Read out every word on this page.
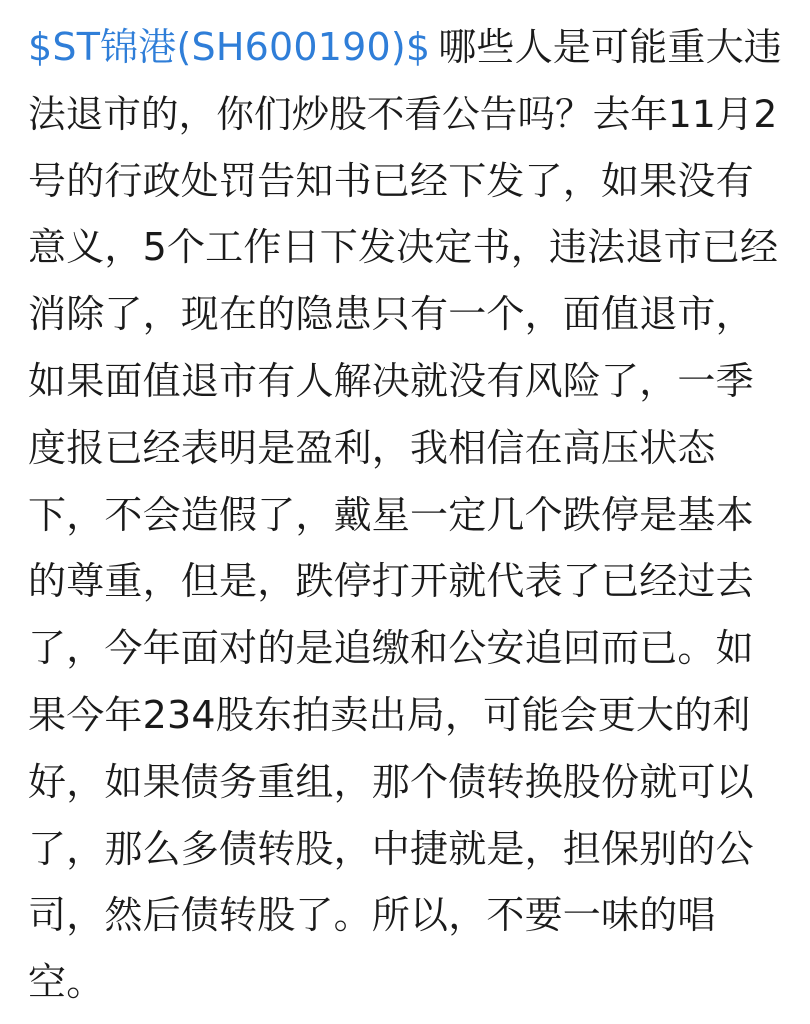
$ST锦港(SH600190)$ 哪些人是可能重大违
法退市的，你们炒股不看公告吗？去年11月2
号的行政处罚告知书已经下发了，如果没有
意义，5个工作日下发决定书，违法退市已经
消除了，现在的隐患只有一个，面值退市，
如果面值退市有人解决就没有风险了，一季
度报已经表明是盈利，我相信在高压状态
下，不会造假了，戴星一定几个跌停是基本
的尊重，但是，跌停打开就代表了已经过去
了，今年面对的是追缴和公安追回而已。如
果今年234股东拍卖出局，可能会更大的利
好，如果债务重组，那个债转换股份就可以
了，那么多债转股，中捷就是，担保别的公
司，然后债转股了。所以，不要一味的唱
空。
